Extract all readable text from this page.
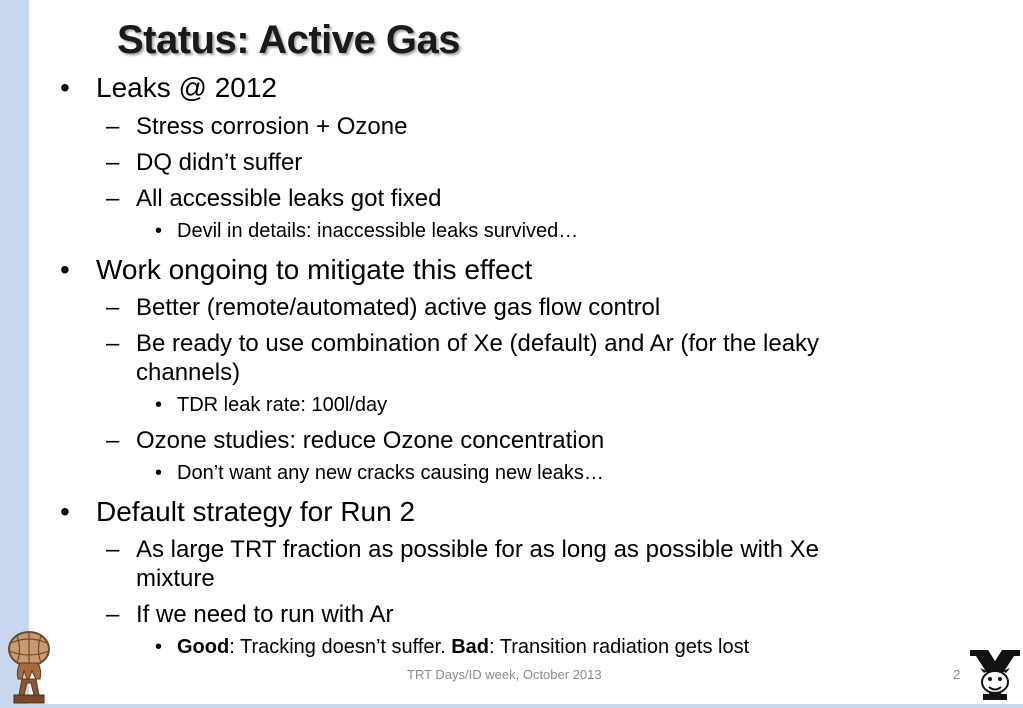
Status: Active Gas
• Leaks @ 2012
– Stress corrosion + Ozone
– DQ didn’t suffer
– All accessible leaks got fixed
• Devil in details: inaccessible leaks survived…
• Work ongoing to mitigate this effect
– Better (remote/automated) active gas flow control
– Be ready to use combination of Xe (default) and Ar (for the leaky
channels)
• TDR leak rate: 100l/day
– Ozone studies: reduce Ozone concentration
• Don’t want any new cracks causing new leaks…
• Default strategy for Run 2
– As large TRT fraction as possible for as long as possible with Xe
mixture
– If we need to run with Ar
• Good: Tracking doesn’t suffer. Bad: Transition radiation gets lost
TRT Days/ID week, October 2013	2
